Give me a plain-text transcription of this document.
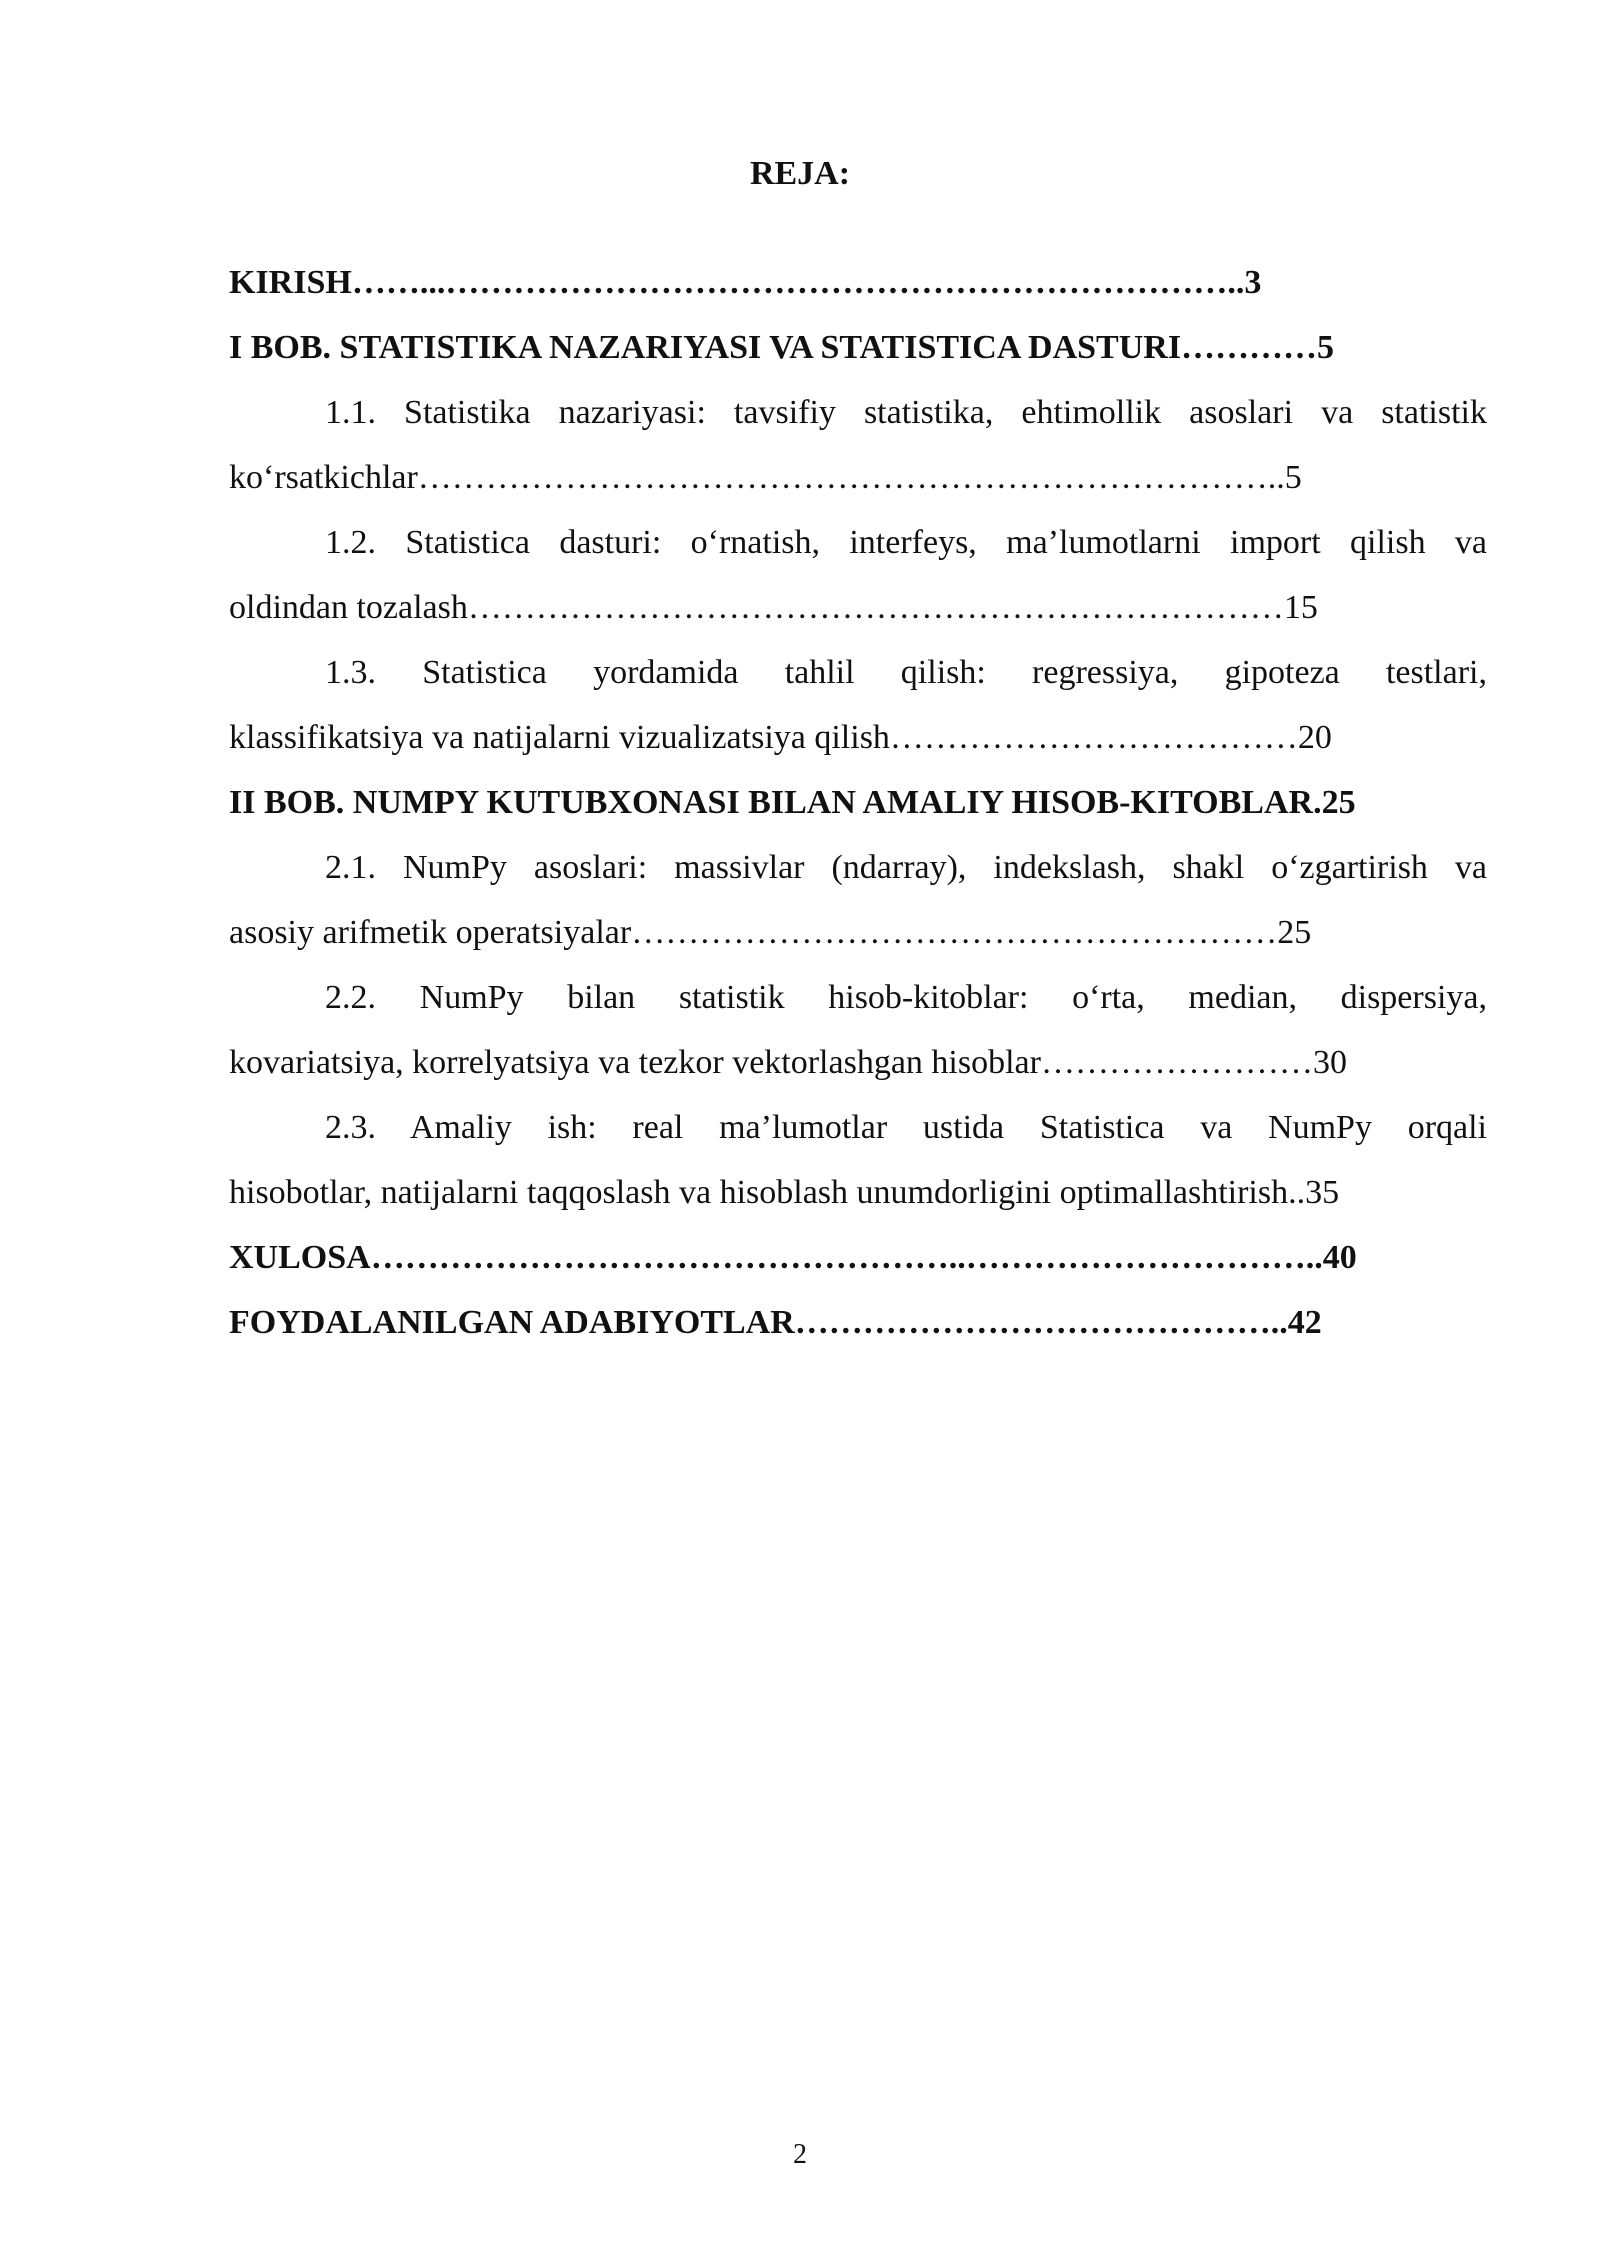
REJA:
KIRISH……...……………………………………………………………..3
I BOB. STATISTIKA NAZARIYASI VA STATISTICA DASTURI…………5
1.1. Statistika nazariyasi: tavsifiy statistika, ehtimollik asoslari va statistik
ko‘rsatkichlar…………………………………………………………………..5
1.2. Statistica dasturi: o‘rnatish, interfeys, ma’lumotlarni import qilish va
oldindan tozalash………………………………………………………………15
1.3. Statistica yordamida tahlil qilish: regressiya, gipoteza testlari,
klassifikatsiya va natijalarni vizualizatsiya qilish………………………………20
II BOB. NUMPY KUTUBXONASI BILAN AMALIY HISOB-KITOBLAR.25
2.1. NumPy asoslari: massivlar (ndarray), indekslash, shakl o‘zgartirish va
asosiy arifmetik operatsiyalar…………………………………………………25
2.2. NumPy bilan statistik hisob-kitoblar: o‘rta, median, dispersiya,
kovariatsiya, korrelyatsiya va tezkor vektorlashgan hisoblar……………………30
2.3. Amaliy ish: real ma’lumotlar ustida Statistica va NumPy orqali
hisobotlar, natijalarni taqqoslash va hisoblash unumdorligini optimallashtirish..35
XULOSA……………………………………………..…………………………..40
FOYDALANILGAN ADABIYOTLAR……………………………………..42
2
